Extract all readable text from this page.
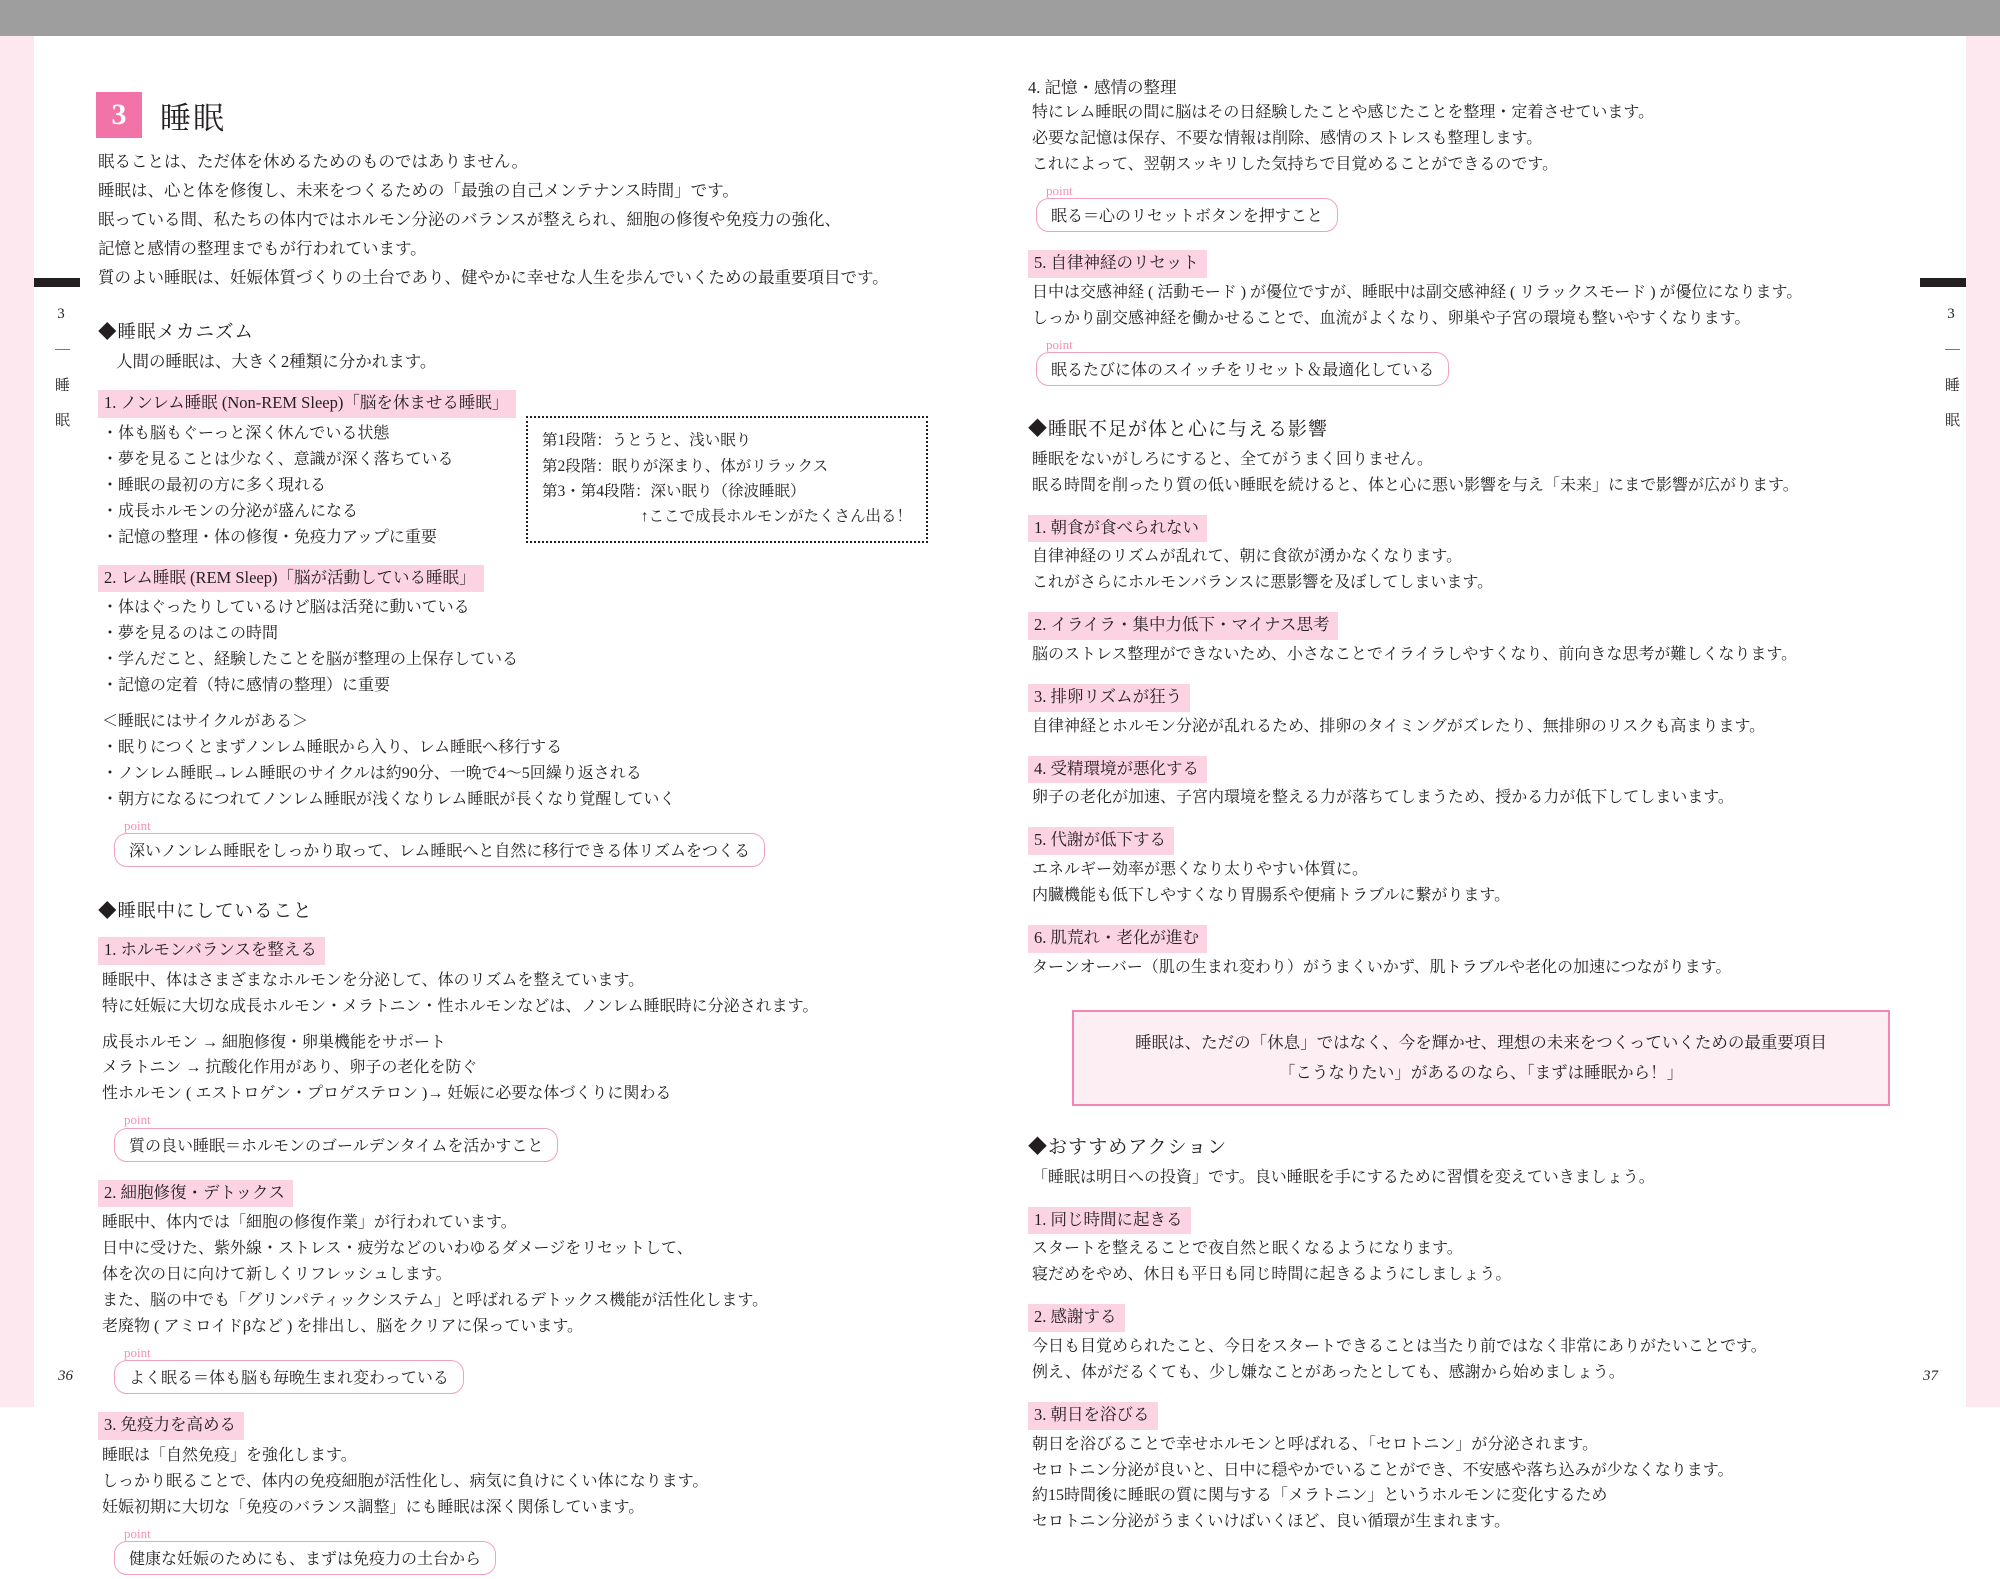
3 ｜ 睡 眠
3	睡眠
眠ることは、ただ体を休めるためのものではありません。
睡眠は、心と体を修復し、未来をつくるための「最強の自己メンテナンス時間」です。
眠っている間、私たちの体内ではホルモン分泌のバランスが整えられ、細胞の修復や免疫力の強化、
記憶と感情の整理までもが行われています。
質のよい睡眠は、妊娠体質づくりの土台であり、健やかに幸せな人生を歩んでいくための最重要項目です。
◆睡眠メカニズム
人間の睡眠は、大きく2種類に分かれます。
1. ノンレム睡眠 (Non-REM Sleep)「脳を休ませる睡眠」
・体も脳もぐーっと深く休んでいる状態
・夢を見ることは少なく、意識が深く落ちている
・睡眠の最初の方に多く現れる
・成長ホルモンの分泌が盛んになる
・記憶の整理・体の修復・免疫力アップに重要
第1段階：うとうと、浅い眠り
第2段階：眠りが深まり、体がリラックス
第3・第4段階：深い眠り（徐波睡眠）
↑ここで成長ホルモンがたくさん出る！
2. レム睡眠 (REM Sleep)「脳が活動している睡眠」
・体はぐったりしているけど脳は活発に動いている
・夢を見るのはこの時間
・学んだこと、経験したことを脳が整理の上保存している
・記憶の定着（特に感情の整理）に重要
＜睡眠にはサイクルがある＞
・眠りにつくとまずノンレム睡眠から入り、レム睡眠へ移行する
・ノンレム睡眠→レム睡眠のサイクルは約90分、一晩で4〜5回繰り返される
・朝方になるにつれてノンレム睡眠が浅くなりレム睡眠が長くなり覚醒していく
point
深いノンレム睡眠をしっかり取って、レム睡眠へと自然に移行できる体リズムをつくる
◆睡眠中にしていること
1. ホルモンバランスを整える
睡眠中、体はさまざまなホルモンを分泌して、体のリズムを整えています。
特に妊娠に大切な成長ホルモン・メラトニン・性ホルモンなどは、ノンレム睡眠時に分泌されます。
成長ホルモン → 細胞修復・卵巣機能をサポート
メラトニン → 抗酸化作用があり、卵子の老化を防ぐ
性ホルモン ( エストロゲン・プロゲステロン )→ 妊娠に必要な体づくりに関わる
point
質の良い睡眠＝ホルモンのゴールデンタイムを活かすこと
2. 細胞修復・デトックス
睡眠中、体内では「細胞の修復作業」が行われています。
日中に受けた、紫外線・ストレス・疲労などのいわゆるダメージをリセットして、
体を次の日に向けて新しくリフレッシュします。
また、脳の中でも「グリンパティックシステム」と呼ばれるデトックス機能が活性化します。
老廃物 ( アミロイドβなど ) を排出し、脳をクリアに保っています。
point
よく眠る＝体も脳も毎晩生まれ変わっている
3. 免疫力を高める
睡眠は「自然免疫」を強化します。
しっかり眠ることで、体内の免疫細胞が活性化し、病気に負けにくい体になります。
妊娠初期に大切な「免疫のバランス調整」にも睡眠は深く関係しています。
point
健康な妊娠のためにも、まずは免疫力の土台から
36
3 ｜ 睡 眠
4. 記憶・感情の整理
特にレム睡眠の間に脳はその日経験したことや感じたことを整理・定着させています。
必要な記憶は保存、不要な情報は削除、感情のストレスも整理します。
これによって、翌朝スッキリした気持ちで目覚めることができるのです。
point
眠る＝心のリセットボタンを押すこと
5. 自律神経のリセット
日中は交感神経 ( 活動モード ) が優位ですが、睡眠中は副交感神経 ( リラックスモード ) が優位になります。
しっかり副交感神経を働かせることで、血流がよくなり、卵巣や子宮の環境も整いやすくなります。
point
眠るたびに体のスイッチをリセット＆最適化している
◆睡眠不足が体と心に与える影響
睡眠をないがしろにすると、全てがうまく回りません。
眠る時間を削ったり質の低い睡眠を続けると、体と心に悪い影響を与え「未来」にまで影響が広がります。
1. 朝食が食べられない
自律神経のリズムが乱れて、朝に食欲が湧かなくなります。
これがさらにホルモンバランスに悪影響を及ぼしてしまいます。
2. イライラ・集中力低下・マイナス思考
脳のストレス整理ができないため、小さなことでイライラしやすくなり、前向きな思考が難しくなります。
3. 排卵リズムが狂う
自律神経とホルモン分泌が乱れるため、排卵のタイミングがズレたり、無排卵のリスクも高まります。
4. 受精環境が悪化する
卵子の老化が加速、子宮内環境を整える力が落ちてしまうため、授かる力が低下してしまいます。
5. 代謝が低下する
エネルギー効率が悪くなり太りやすい体質に。
内臓機能も低下しやすくなり胃腸系や便痛トラブルに繋がります。
6. 肌荒れ・老化が進む
ターンオーバー（肌の生まれ変わり）がうまくいかず、肌トラブルや老化の加速につながります。
睡眠は、ただの「休息」ではなく、今を輝かせ、理想の未来をつくっていくための最重要項目
「こうなりたい」があるのなら、「まずは睡眠から！」
◆おすすめアクション
「睡眠は明日への投資」です。良い睡眠を手にするために習慣を変えていきましょう。
1. 同じ時間に起きる
スタートを整えることで夜自然と眠くなるようになります。
寝だめをやめ、休日も平日も同じ時間に起きるようにしましょう。
2. 感謝する
今日も目覚められたこと、今日をスタートできることは当たり前ではなく非常にありがたいことです。
例え、体がだるくても、少し嫌なことがあったとしても、感謝から始めましょう。
3. 朝日を浴びる
朝日を浴びることで幸せホルモンと呼ばれる、「セロトニン」が分泌されます。
セロトニン分泌が良いと、日中に穏やかでいることができ、不安感や落ち込みが少なくなります。
約15時間後に睡眠の質に関与する「メラトニン」というホルモンに変化するため
セロトニン分泌がうまくいけばいくほど、良い循環が生まれます。
37
